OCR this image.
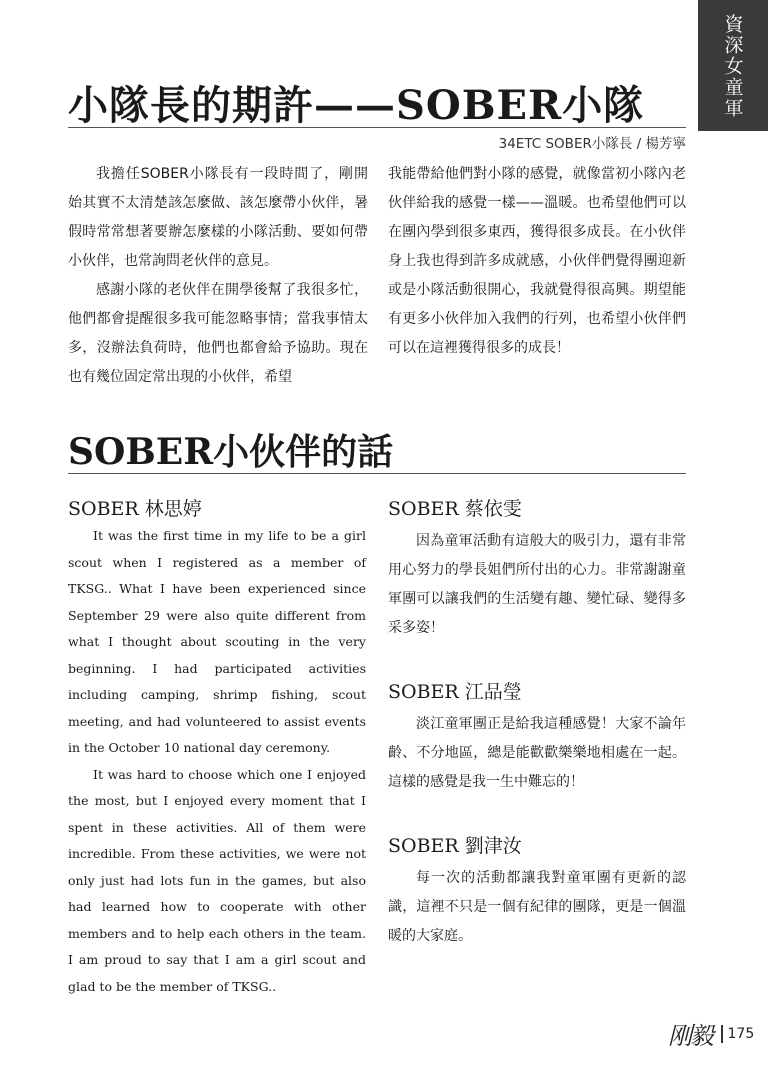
資深女童軍
小隊長的期許——SOBER小隊
34ETC SOBER小隊長 / 楊芳寧

我擔任SOBER小隊長有一段時間了，剛開始其實不太清楚該怎麼做、該怎麼帶小伙伴，暑假時常常想著要辦怎麼樣的小隊活動、要如何帶小伙伴，也常詢問老伙伴的意見。

感謝小隊的老伙伴在開學後幫了我很多忙，他們都會提醒很多我可能忽略事情；當我事情太多，沒辦法負荷時，他們也都會給予協助。現在也有幾位固定常出現的小伙伴，希望

我能帶給他們對小隊的感覺，就像當初小隊內老伙伴給我的感覺一樣——溫暖。也希望他們可以在團內學到很多東西，獲得很多成長。在小伙伴身上我也得到許多成就感，小伙伴們覺得團迎新或是小隊活動很開心，我就覺得很高興。期望能有更多小伙伴加入我們的行列，也希望小伙伴們可以在這裡獲得很多的成長！

SOBER小伙伴的話
SOBER 林思婷

It was the first time in my life to be a girl scout when I registered as a member of TKSG.. What I have been experienced since September 29 were also quite different from what I thought about scouting in the very beginning. I had participated activities including camping, shrimp fishing, scout meeting, and had volunteered to assist events in the October 10 national day ceremony.

It was hard to choose which one I enjoyed the most, but I enjoyed every moment that I spent in these activities. All of them were incredible. From these activities, we were not only just had lots fun in the games, but also had learned how to cooperate with other members and to help each others in the team. I am proud to say that I am a girl scout and glad to be the member of TKSG..

SOBER 蔡依雯

因為童軍活動有這般大的吸引力，還有非常用心努力的學長姐們所付出的心力。非常謝謝童軍團可以讓我們的生活變有趣、變忙碌、變得多采多姿！

SOBER 江品瑩

淡江童軍團正是給我這種感覺！大家不論年齡、不分地區，總是能歡歡樂樂地相處在一起。這樣的感覺是我一生中難忘的！

SOBER 劉津汝

每一次的活動都讓我對童軍團有更新的認識，這裡不只是一個有紀律的團隊，更是一個溫暖的大家庭。

刚毅 175
